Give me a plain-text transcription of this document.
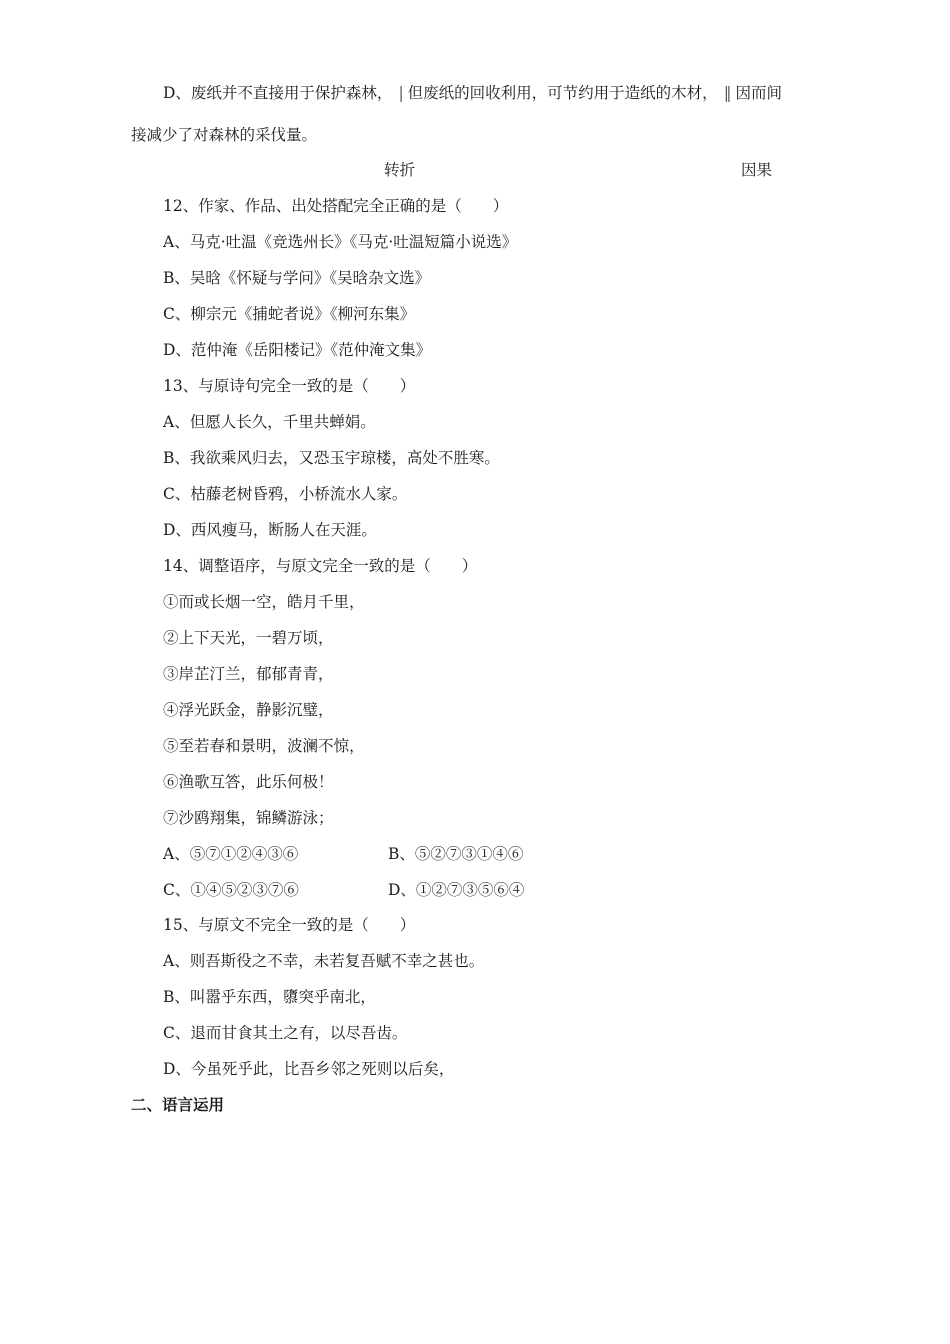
D、废纸并不直接用于保护森林， | 但废纸的回收利用，可节约用于造纸的木材， ‖ 因而间
接减少了对森林的采伐量。
转折	因果
12、作家、作品、出处搭配完全正确的是（　　）
A、马克·吐温《竞选州长》《马克·吐温短篇小说选》
B、吴晗《怀疑与学问》《吴晗杂文选》
C、柳宗元《捕蛇者说》《柳河东集》
D、范仲淹《岳阳楼记》《范仲淹文集》
13、与原诗句完全一致的是（　　）
A、但愿人长久，千里共蝉娟。
B、我欲乘风归去，又恐玉宇琼楼，高处不胜寒。
C、枯藤老树昏鸦，小桥流水人家。
D、西风瘦马，断肠人在天涯。
14、调整语序，与原文完全一致的是（　　）
①而或长烟一空，皓月千里，
②上下天光，一碧万顷，
③岸芷汀兰，郁郁青青，
④浮光跃金，静影沉璧，
⑤至若春和景明，波澜不惊，
⑥渔歌互答，此乐何极！
⑦沙鸥翔集，锦鳞游泳；
A、⑤⑦①②④③⑥	B、⑤②⑦③①④⑥
C、①④⑤②③⑦⑥	D、①②⑦③⑤⑥④
15、与原文不完全一致的是（　　）
A、则吾斯役之不幸，未若复吾赋不幸之甚也。
B、叫嚣乎东西，隳突乎南北，
C、退而甘食其土之有，以尽吾齿。
D、今虽死乎此，比吾乡邻之死则以后矣，
二、语言运用
